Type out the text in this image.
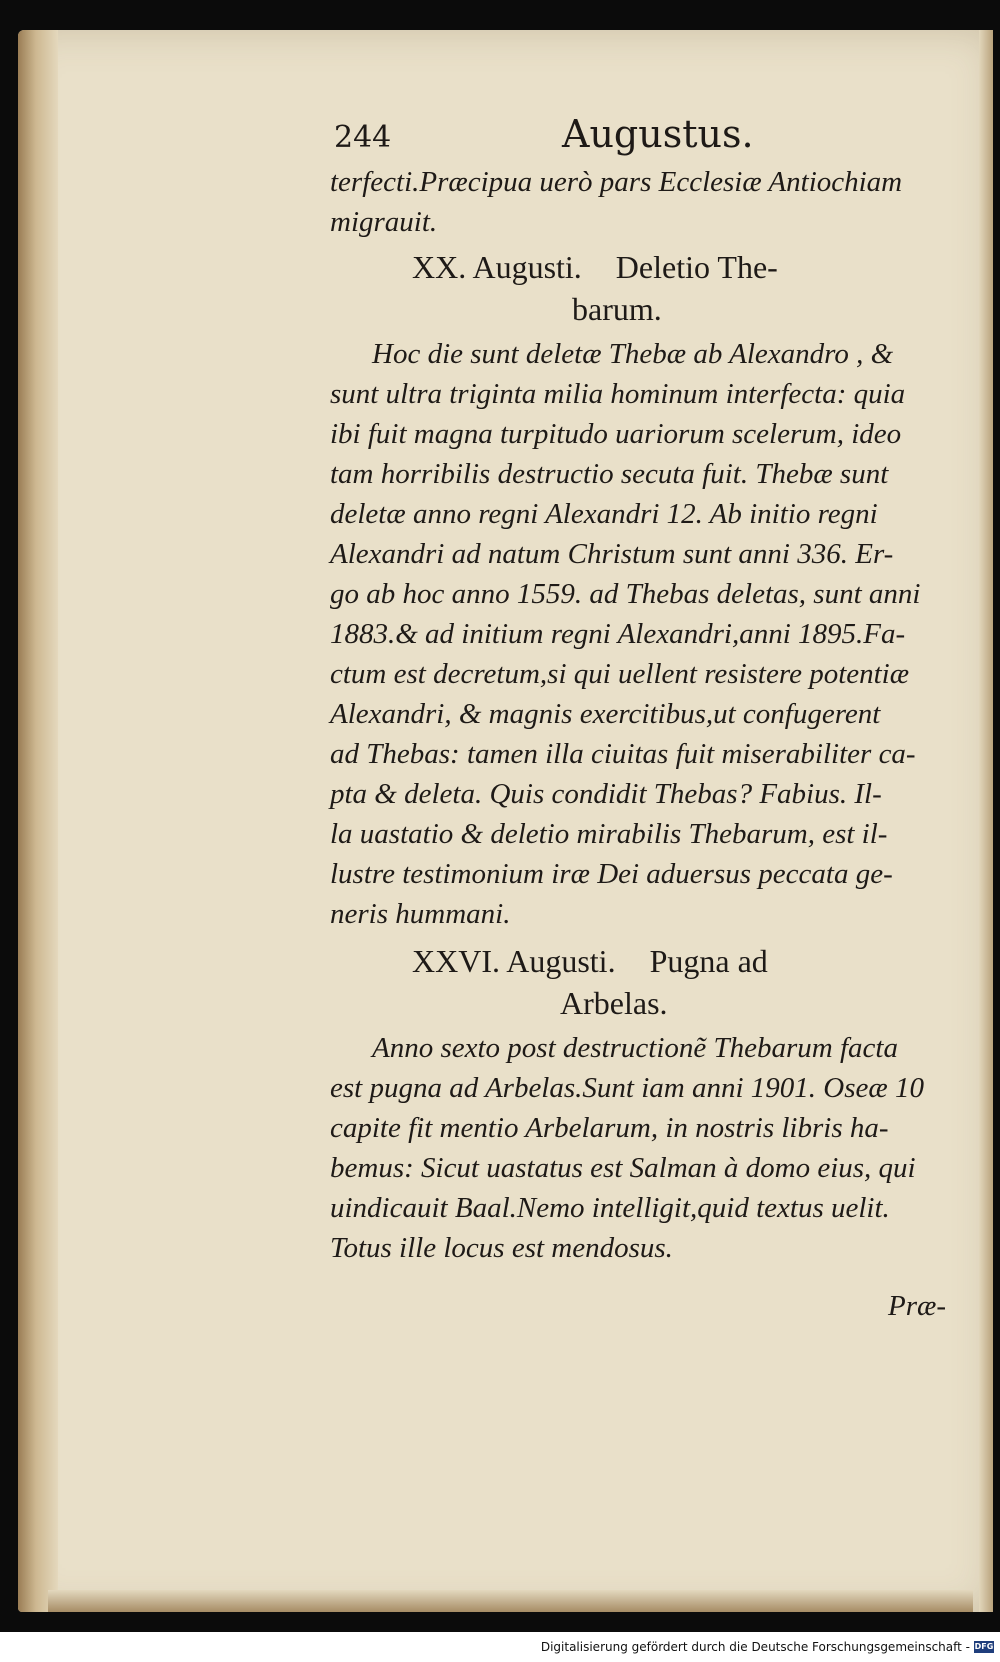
244	Augustus.
terfecti.Præcipua uerò pars Ecclesiæ Antiochiam
migrauit.
XX. Augusti. Deletio The-
barum.
Hoc die sunt deletæ Thebæ ab Alexandro , &
sunt ultra triginta milia hominum interfecta: quia
ibi fuit magna turpitudo uariorum scelerum, ideo
tam horribilis destructio secuta fuit. Thebæ sunt
deletæ anno regni Alexandri 12. Ab initio regni
Alexandri ad natum Christum sunt anni 336. Er-
go ab hoc anno 1559. ad Thebas deletas, sunt anni
1883.& ad initium regni Alexandri,anni 1895.Fa-
ctum est decretum,si qui uellent resistere potentiæ
Alexandri, & magnis exercitibus,ut confugerent
ad Thebas: tamen illa ciuitas fuit miserabiliter ca-
pta & deleta. Quis condidit Thebas? Fabius. Il-
la uastatio & deletio mirabilis Thebarum, est il-
lustre testimonium iræ Dei aduersus peccata ge-
neris hummani.
XXVI. Augusti. Pugna ad
Arbelas.
Anno sexto post destructionẽ Thebarum facta
est pugna ad Arbelas.Sunt iam anni 1901. Oseæ 10
capite fit mentio Arbelarum, in nostris libris ha-
bemus: Sicut uastatus est Salman à domo eius, qui
uindicauit Baal.Nemo intelligit,quid textus uelit.
Totus ille locus est mendosus.
Præ-
Digitalisierung gefördert durch die Deutsche Forschungsgemeinschaft - DFG
